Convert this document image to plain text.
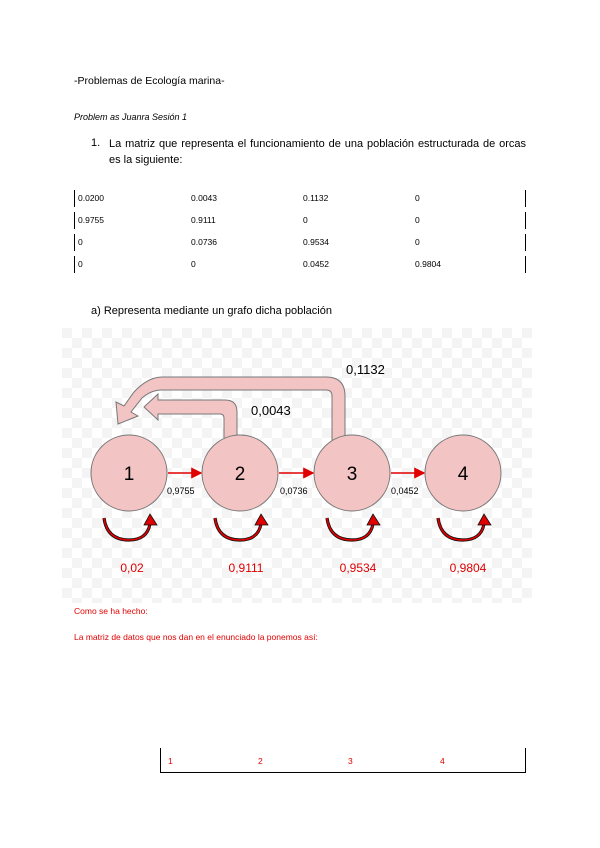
-Problemas de Ecología marina-
Problem as Juanra Sesión 1
1. La matriz que representa el funcionamiento de una población estructurada de orcas es la siguiente:
0.0200	0.0043	0.1132	0
0.9755	0.9111	0	0
0	0.0736	0.9534	0
0	0	0.0452	0.9804
a) Representa mediante un grafo dicha población
1	2	3	4
0,9755	0,0736	0,0452
0,0043
0,1132
0,02	0,9111	0,9534	0,9804
Como se ha hecho:
La matriz de datos que nos dan en el enunciado la ponemos así:
1	2	3	4
